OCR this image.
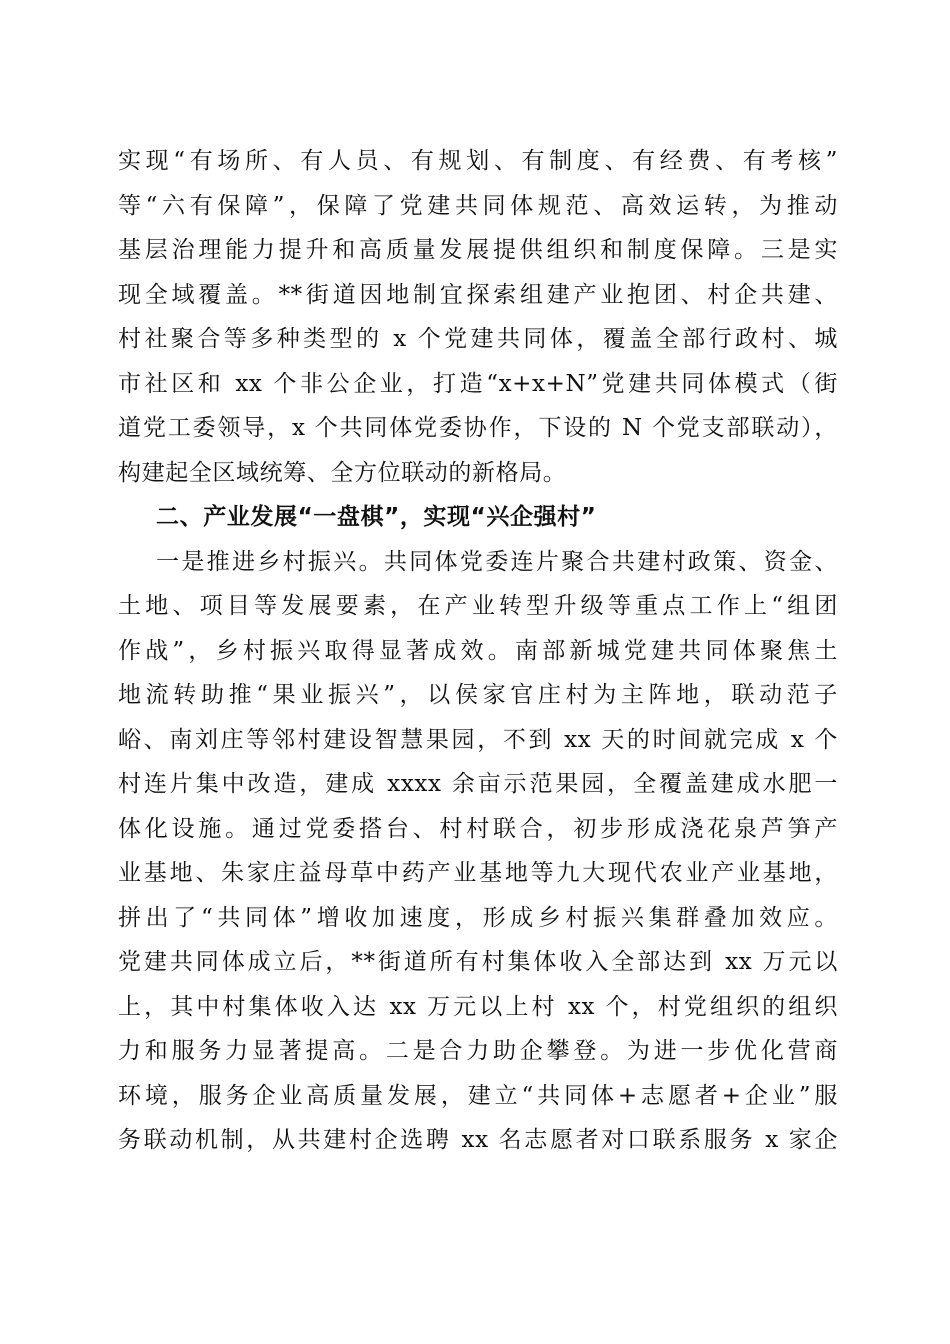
实现“有场所、有人员、有规划、有制度、有经费、有考核”
等“六有保障”，保障了党建共同体规范、高效运转，为推动
基层治理能力提升和高质量发展提供组织和制度保障。三是实
现全域覆盖。**街道因地制宜探索组建产业抱团、村企共建、
村社聚合等多种类型的 x 个党建共同体，覆盖全部行政村、城
市社区和 xx 个非公企业，打造“x+x+N”党建共同体模式（街
道党工委领导，x 个共同体党委协作，下设的 N 个党支部联动），
构建起全区域统筹、全方位联动的新格局。
二、产业发展“一盘棋”，实现“兴企强村”
一是推进乡村振兴。共同体党委连片聚合共建村政策、资金、
土地、项目等发展要素，在产业转型升级等重点工作上“组团
作战”，乡村振兴取得显著成效。南部新城党建共同体聚焦土
地流转助推“果业振兴”，以侯家官庄村为主阵地，联动范子
峪、南刘庄等邻村建设智慧果园，不到 xx 天的时间就完成 x 个
村连片集中改造，建成 xxxx 余亩示范果园，全覆盖建成水肥一
体化设施。通过党委搭台、村村联合，初步形成浇花泉芦笋产
业基地、朱家庄益母草中药产业基地等九大现代农业产业基地，
拼出了“共同体”增收加速度，形成乡村振兴集群叠加效应。
党建共同体成立后，**街道所有村集体收入全部达到 xx 万元以
上，其中村集体收入达 xx 万元以上村 xx 个，村党组织的组织
力和服务力显著提高。二是合力助企攀登。为进一步优化营商
环境，服务企业高质量发展，建立“共同体+志愿者+企业”服
务联动机制，从共建村企选聘 xx 名志愿者对口联系服务 x 家企
